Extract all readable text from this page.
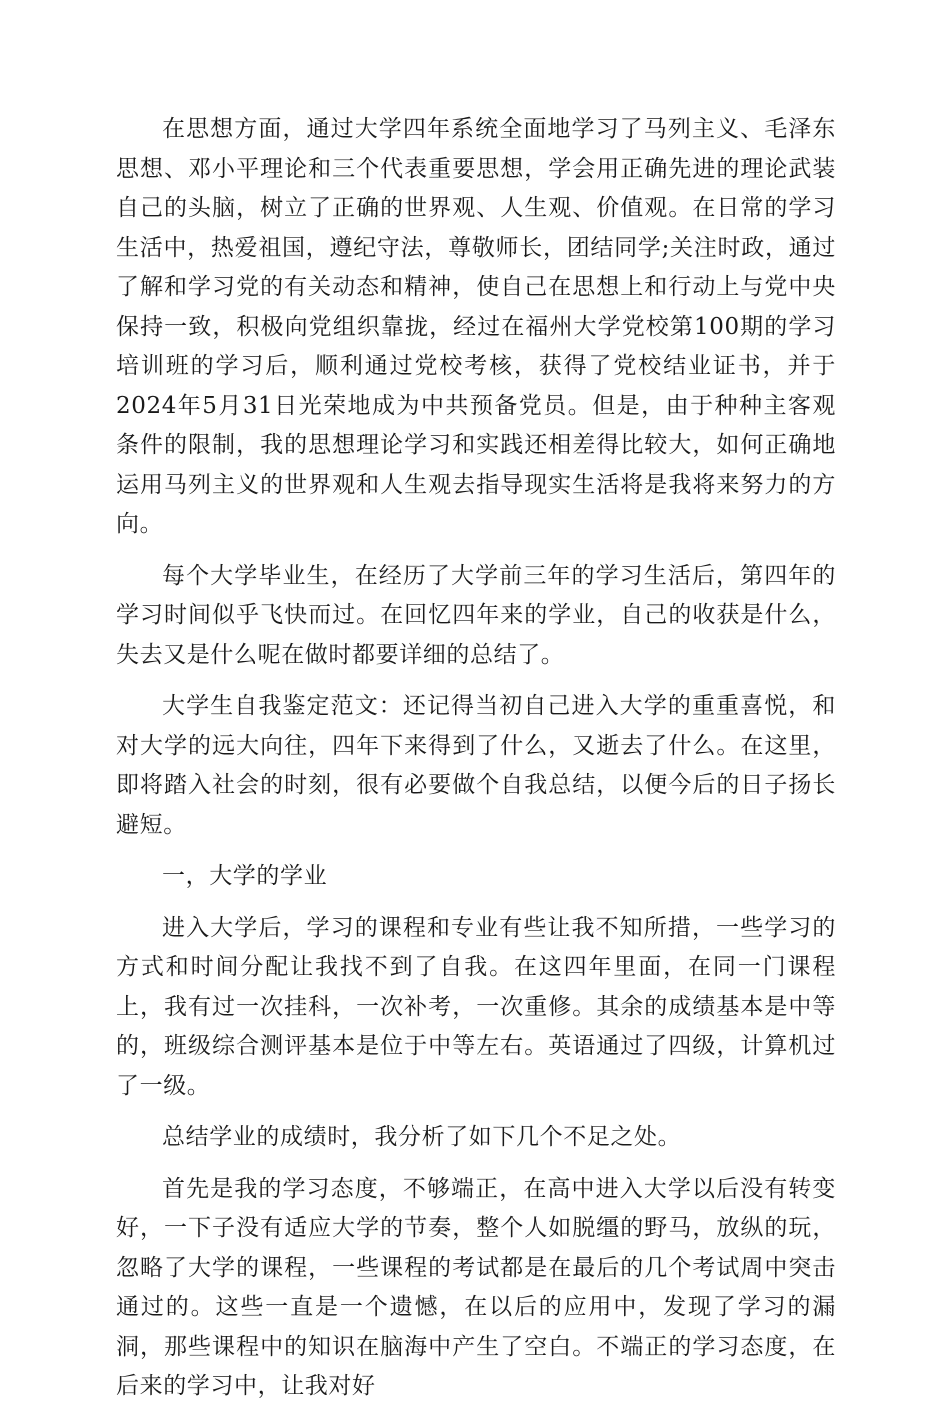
在思想方面，通过大学四年系统全面地学习了马列主义、毛泽东思想、邓小平理论和三个代表重要思想，学会用正确先进的理论武装自己的头脑，树立了正确的世界观、人生观、价值观。在日常的学习生活中，热爱祖国，遵纪守法，尊敬师长，团结同学;关注时政，通过了解和学习党的有关动态和精神，使自己在思想上和行动上与党中央保持一致，积极向党组织靠拢，经过在福州大学党校第100期的学习培训班的学习后，顺利通过党校考核，获得了党校结业证书，并于2024年5月31日光荣地成为中共预备党员。但是，由于种种主客观条件的限制，我的思想理论学习和实践还相差得比较大，如何正确地运用马列主义的世界观和人生观去指导现实生活将是我将来努力的方向。

每个大学毕业生，在经历了大学前三年的学习生活后，第四年的学习时间似乎飞快而过。在回忆四年来的学业，自己的收获是什么，失去又是什么呢在做时都要详细的总结了。

大学生自我鉴定范文：还记得当初自己进入大学的重重喜悦，和对大学的远大向往，四年下来得到了什么，又逝去了什么。在这里，即将踏入社会的时刻，很有必要做个自我总结，以便今后的日子扬长避短。

一，大学的学业

进入大学后，学习的课程和专业有些让我不知所措，一些学习的方式和时间分配让我找不到了自我。在这四年里面，在同一门课程上，我有过一次挂科，一次补考，一次重修。其余的成绩基本是中等的，班级综合测评基本是位于中等左右。英语通过了四级，计算机过了一级。

总结学业的成绩时，我分析了如下几个不足之处。

首先是我的学习态度，不够端正，在高中进入大学以后没有转变好，一下子没有适应大学的节奏，整个人如脱缰的野马，放纵的玩，忽略了大学的课程，一些课程的考试都是在最后的几个考试周中突击通过的。这些一直是一个遗憾，在以后的应用中，发现了学习的漏洞，那些课程中的知识在脑海中产生了空白。不端正的学习态度，在后来的学习中，让我对好
